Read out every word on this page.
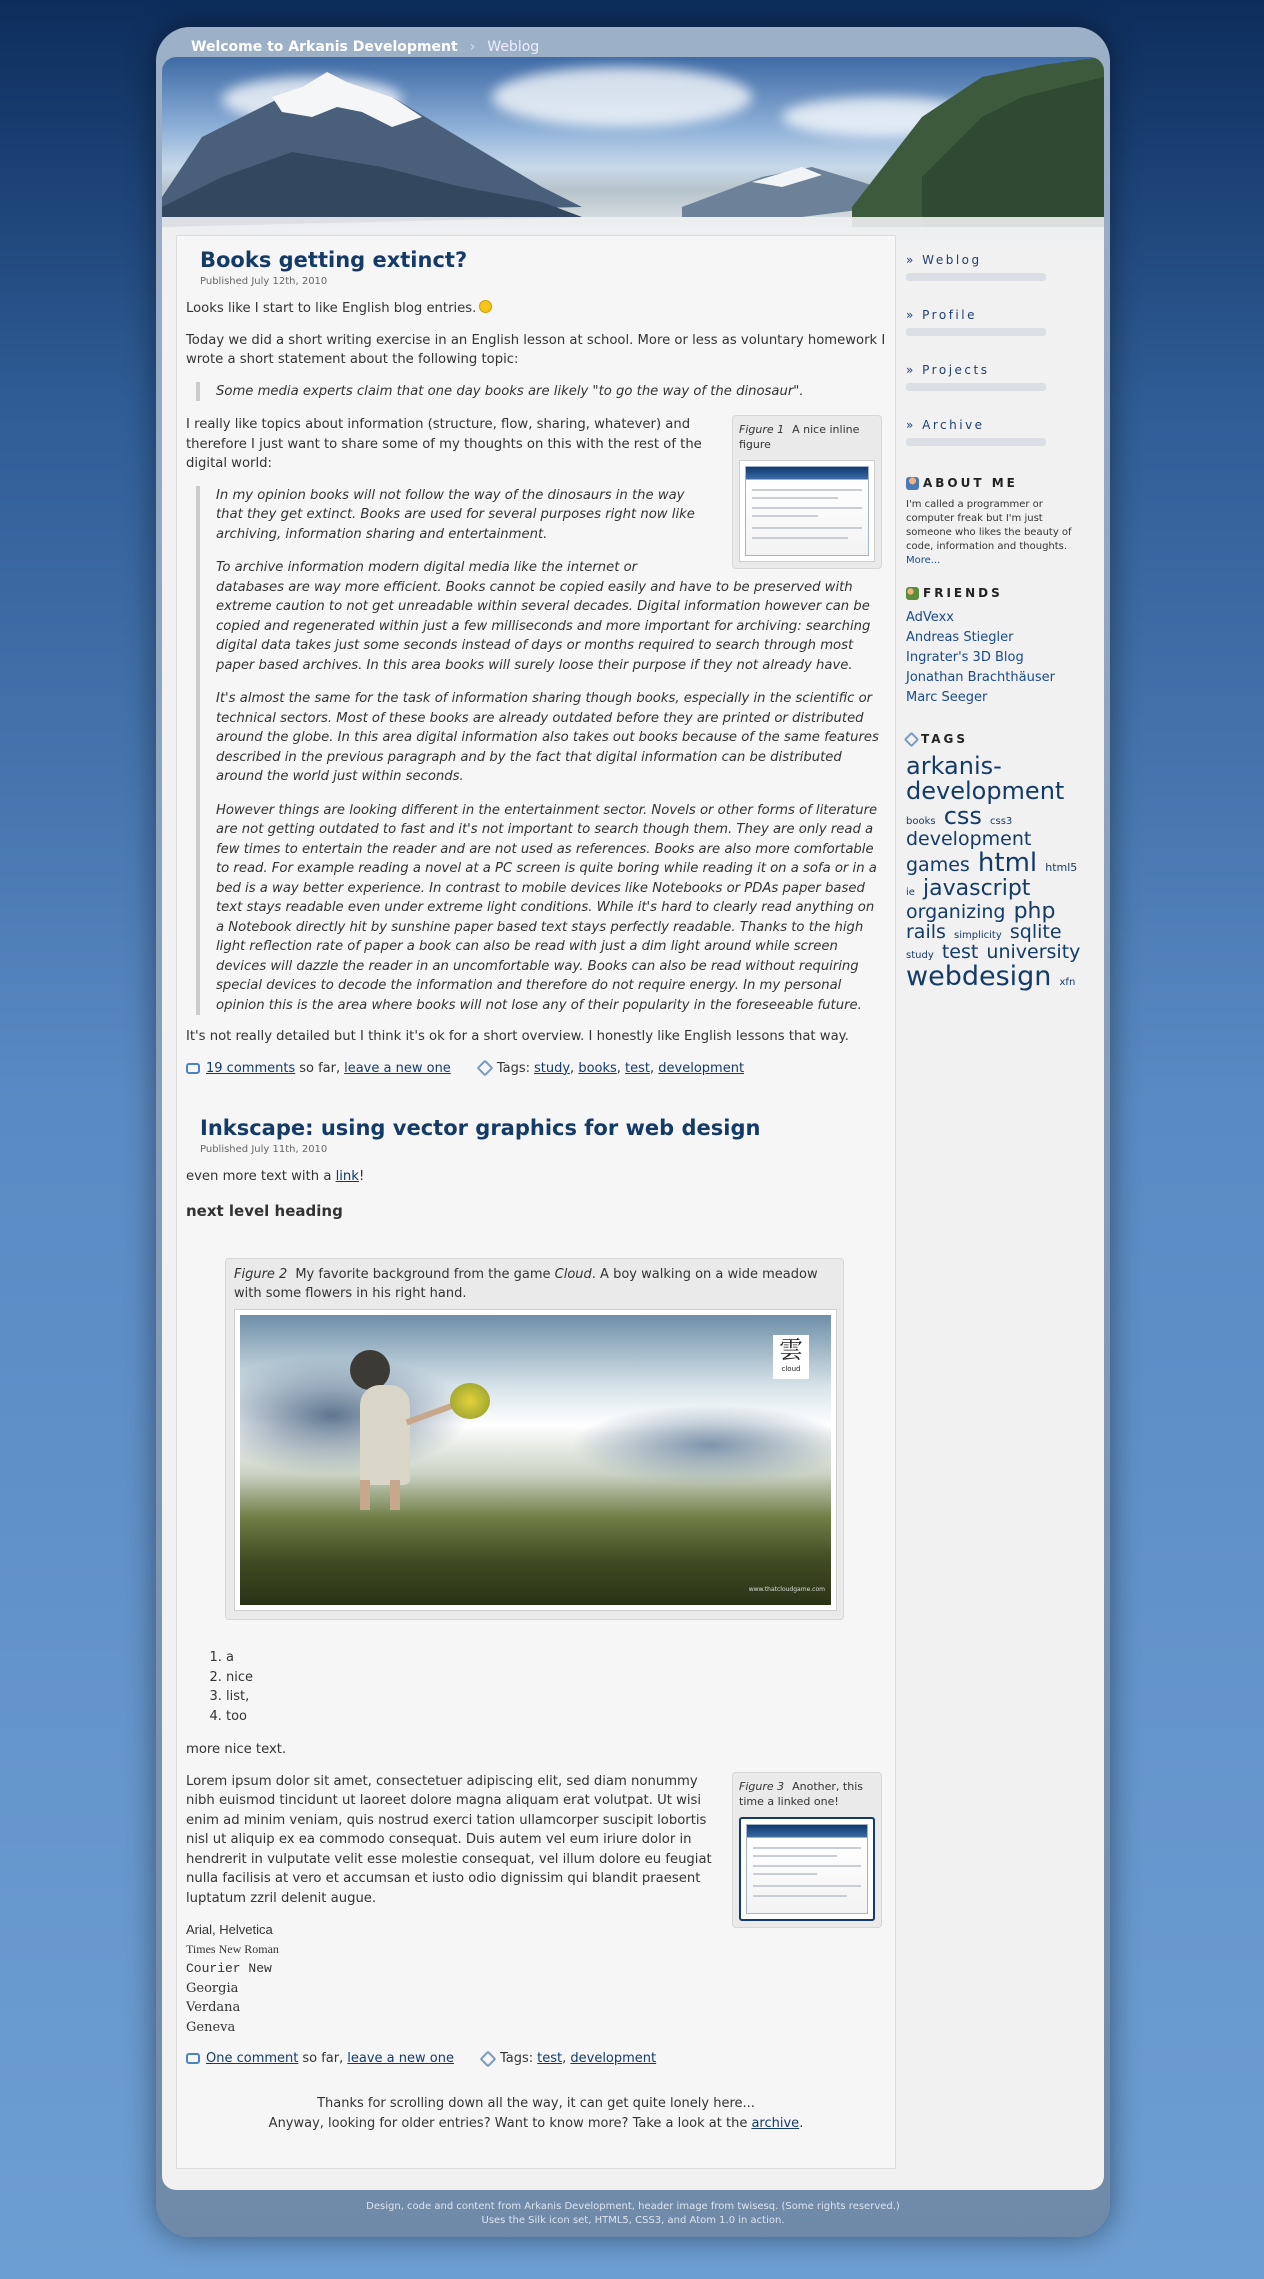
Welcome to Arkanis Development › Weblog
Books getting extinct?
Published July 12th, 2010

Looks like I start to like English blog entries.

Today we did a short writing exercise in an English lesson at school. More or less as voluntary homework I wrote a short statement about the following topic:

Some media experts claim that one day books are likely "to go the way of the dinosaur".

Figure 1 A nice inline figure

I really like topics about information (structure, flow, sharing, whatever) and therefore I just want to share some of my thoughts on this with the rest of the digital world:

In my opinion books will not follow the way of the dinosaurs in the way that they get extinct. Books are used for several purposes right now like archiving, information sharing and entertainment.

To archive information modern digital media like the internet or databases are way more efficient. Books cannot be copied easily and have to be preserved with extreme caution to not get unreadable within several decades. Digital information however can be copied and regenerated within just a few milliseconds and more important for archiving: searching digital data takes just some seconds instead of days or months required to search through most paper based archives. In this area books will surely loose their purpose if they not already have.

It's almost the same for the task of information sharing though books, especially in the scientific or technical sectors. Most of these books are already outdated before they are printed or distributed around the globe. In this area digital information also takes out books because of the same features described in the previous paragraph and by the fact that digital information can be distributed around the world just within seconds.

However things are looking different in the entertainment sector. Novels or other forms of literature are not getting outdated to fast and it's not important to search though them. They are only read a few times to entertain the reader and are not used as references. Books are also more comfortable to read. For example reading a novel at a PC screen is quite boring while reading it on a sofa or in a bed is a way better experience. In contrast to mobile devices like Notebooks or PDAs paper based text stays readable even under extreme light conditions. While it's hard to clearly read anything on a Notebook directly hit by sunshine paper based text stays perfectly readable. Thanks to the high light reflection rate of paper a book can also be read with just a dim light around while screen devices will dazzle the reader in an uncomfortable way. Books can also be read without requiring special devices to decode the information and therefore do not require energy. In my personal opinion this is the area where books will not lose any of their popularity in the foreseeable future.

It's not really detailed but I think it's ok for a short overview. I honestly like English lessons that way.

19 comments so far, leave a new one	Tags: study , books , test , development
Inkscape: using vector graphics for web design
Published July 11th, 2010

even more text with a link!

next level heading
Figure 2 My favorite background from the game Cloud. A boy walking on a wide meadow with some flowers in his right hand.
雲
cloud
www.thatcloudgame.com
1. a
2. nice
3. list,
4. too

more nice text.

Figure 3 Another, this time a linked one!

Lorem ipsum dolor sit amet, consectetuer adipiscing elit, sed diam nonummy nibh euismod tincidunt ut laoreet dolore magna aliquam erat volutpat. Ut wisi enim ad minim veniam, quis nostrud exerci tation ullamcorper suscipit lobortis nisl ut aliquip ex ea commodo consequat. Duis autem vel eum iriure dolor in hendrerit in vulputate velit esse molestie consequat, vel illum dolore eu feugiat nulla facilisis at vero et accumsan et iusto odio dignissim qui blandit praesent luptatum zzril delenit augue.

Arial, Helvetica
Times New Roman
Courier New
Georgia
Verdana
Geneva
One comment so far, leave a new one	Tags: test , development
Thanks for scrolling down all the way, it can get quite lonely here...
Anyway, looking for older entries? Want to know more? Take a look at the archive.
» Weblog
» Profile
» Projects
» Archive
ABOUT ME
I'm called a programmer or computer freak but I'm just someone who likes the beauty of code, information and thoughts. More...
FRIENDS
AdVexx
Andreas Stiegler
Ingrater's 3D Blog
Jonathan Brachthäuser
Marc Seeger
TAGS
arkanis-development books css css3 development games html html5 ie javascript organizing php rails simplicity sqlite study test university webdesign xfn
Design, code and content from Arkanis Development, header image from twisesq. (Some rights reserved.)
Uses the Silk icon set, HTML5, CSS3, and Atom 1.0 in action.
